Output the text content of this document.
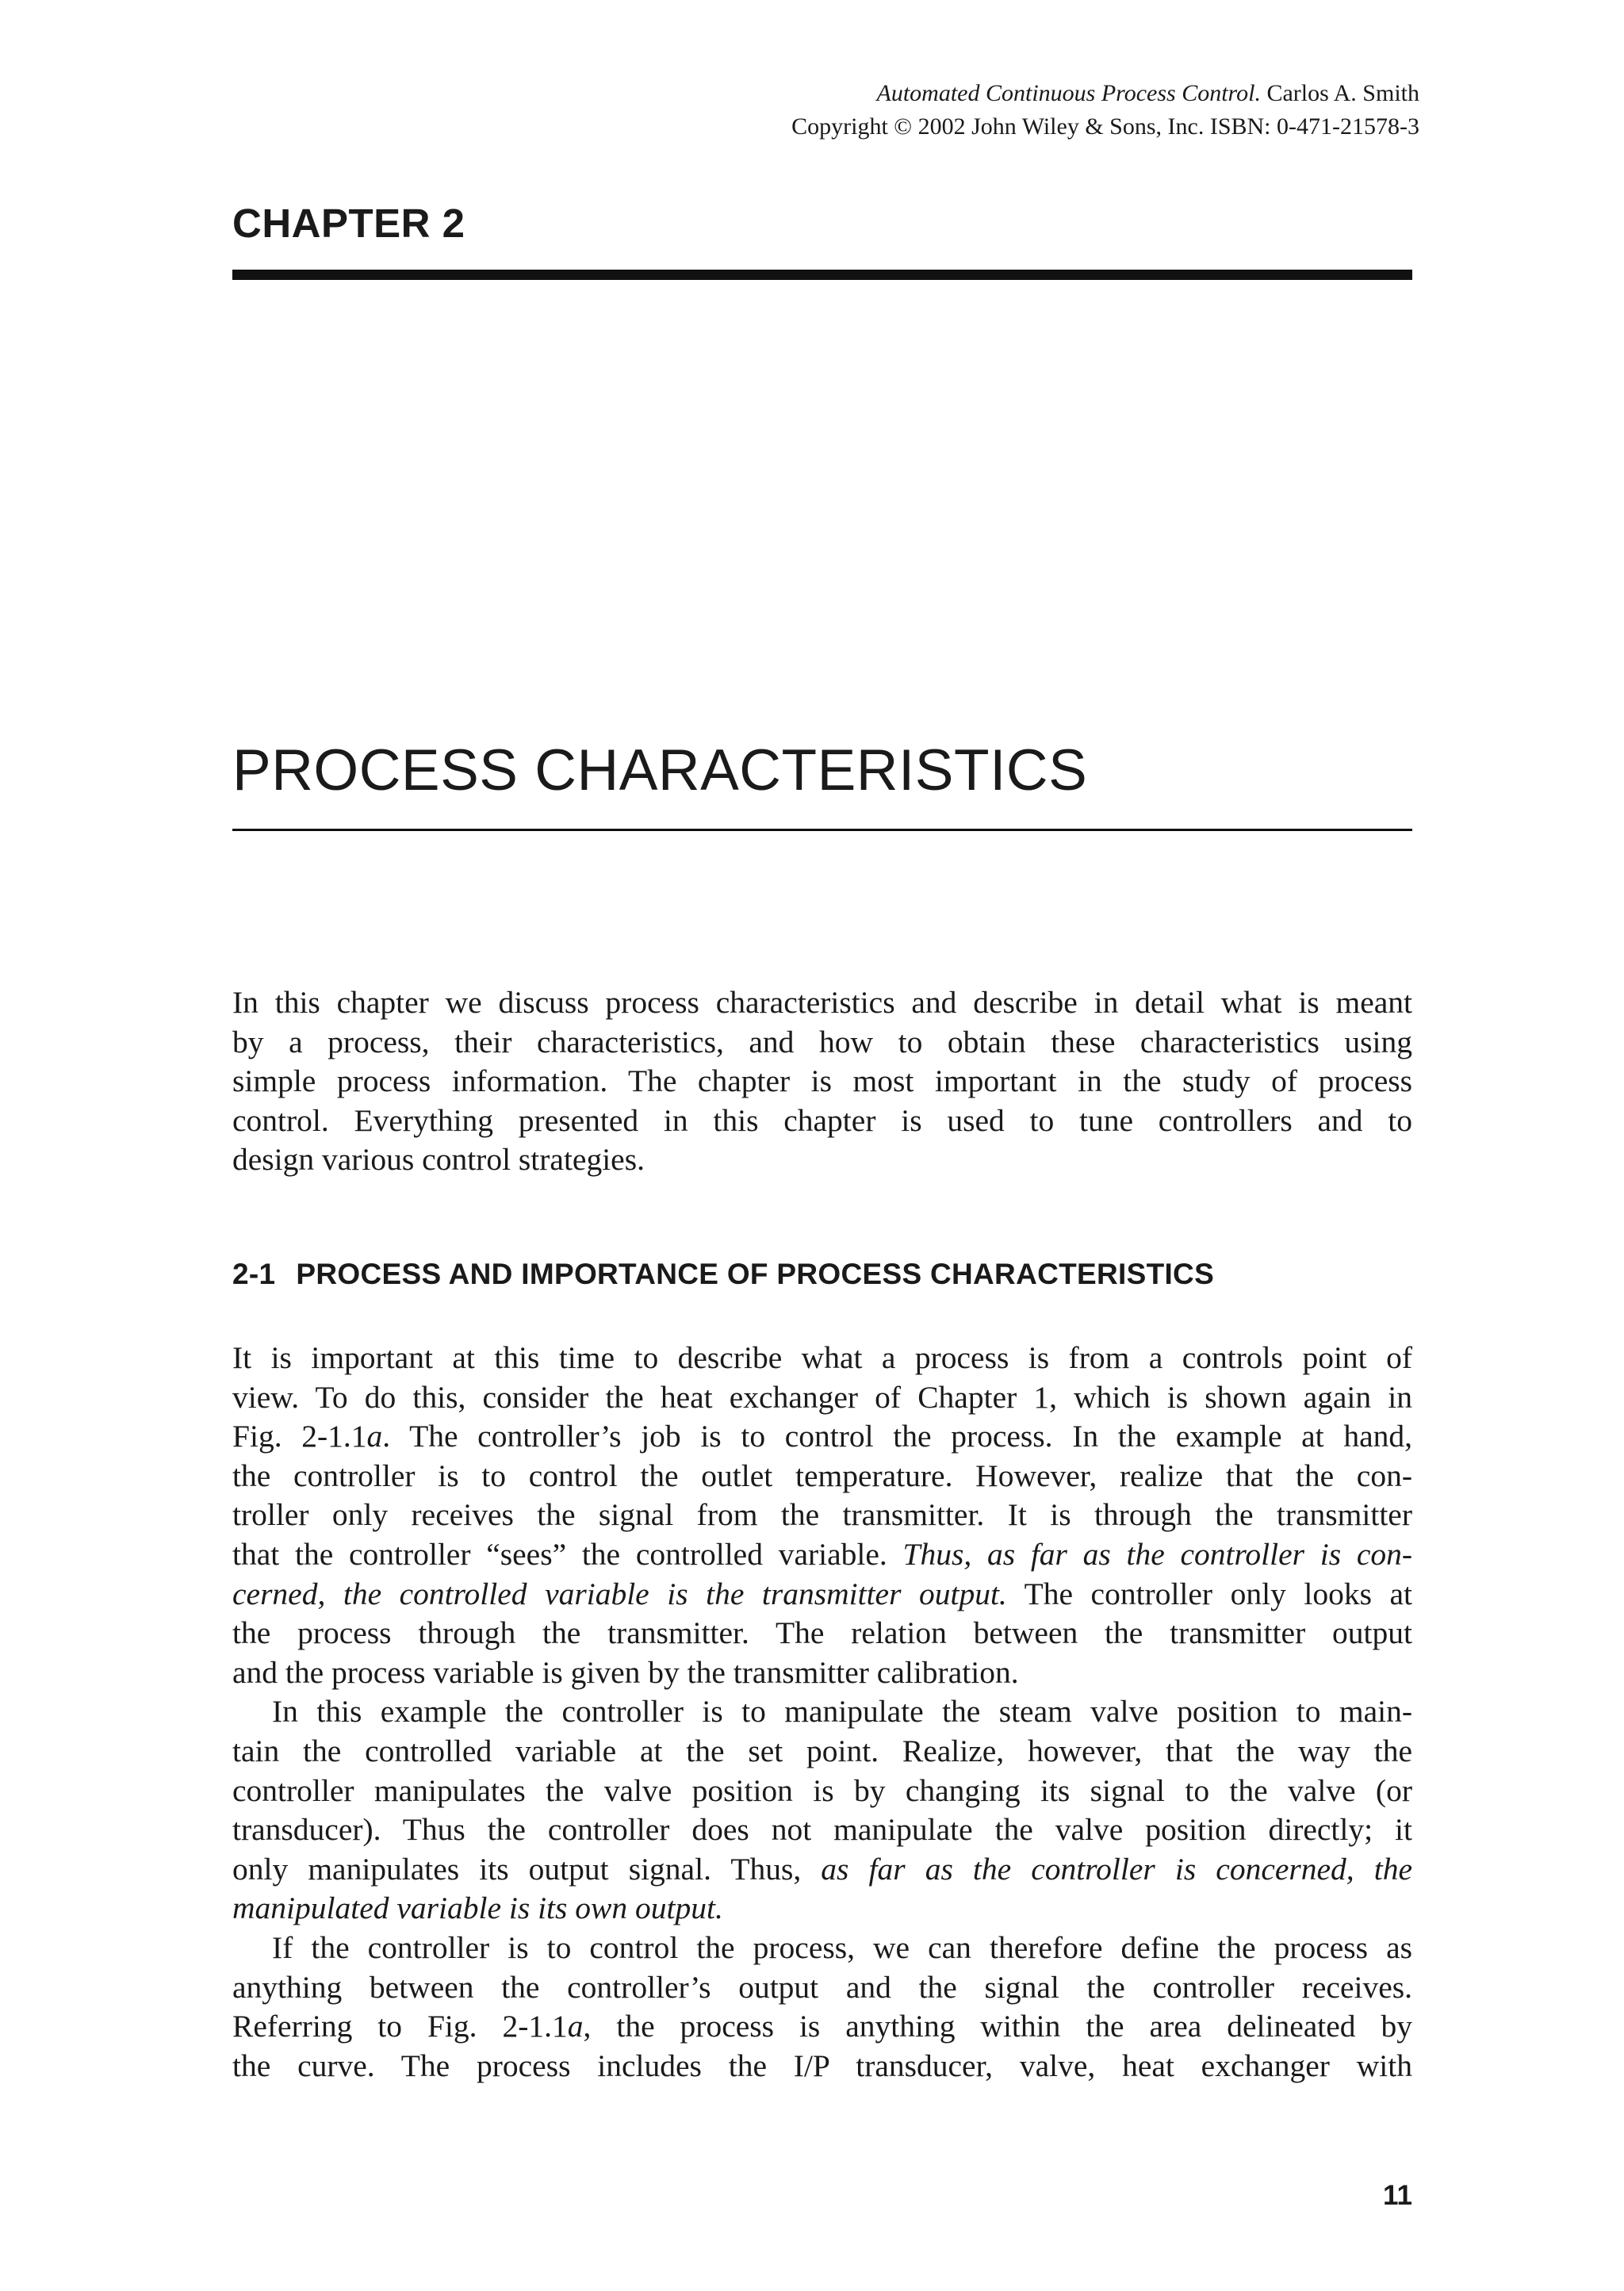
Automated Continuous Process Control. Carlos A. Smith
Copyright © 2002 John Wiley & Sons, Inc. ISBN: 0-471-21578-3
CHAPTER 2
PROCESS CHARACTERISTICS
In this chapter we discuss process characteristics and describe in detail what is meant
by a process, their characteristics, and how to obtain these characteristics using
simple process information. The chapter is most important in the study of process
control. Everything presented in this chapter is used to tune controllers and to
design various control strategies.
2-1 PROCESS AND IMPORTANCE OF PROCESS CHARACTERISTICS
It is important at this time to describe what a process is from a controls point of
view. To do this, consider the heat exchanger of Chapter 1, which is shown again in
Fig. 2-1.1a. The controller’s job is to control the process. In the example at hand,
the controller is to control the outlet temperature. However, realize that the con-
troller only receives the signal from the transmitter. It is through the transmitter
that the controller “sees” the controlled variable. Thus, as far as the controller is con-
cerned, the controlled variable is the transmitter output. The controller only looks at
the process through the transmitter. The relation between the transmitter output
and the process variable is given by the transmitter calibration.
In this example the controller is to manipulate the steam valve position to main-
tain the controlled variable at the set point. Realize, however, that the way the
controller manipulates the valve position is by changing its signal to the valve (or
transducer). Thus the controller does not manipulate the valve position directly; it
only manipulates its output signal. Thus, as far as the controller is concerned, the
manipulated variable is its own output.
If the controller is to control the process, we can therefore define the process as
anything between the controller’s output and the signal the controller receives.
Referring to Fig. 2-1.1a, the process is anything within the area delineated by
the curve. The process includes the I/P transducer, valve, heat exchanger with
11
